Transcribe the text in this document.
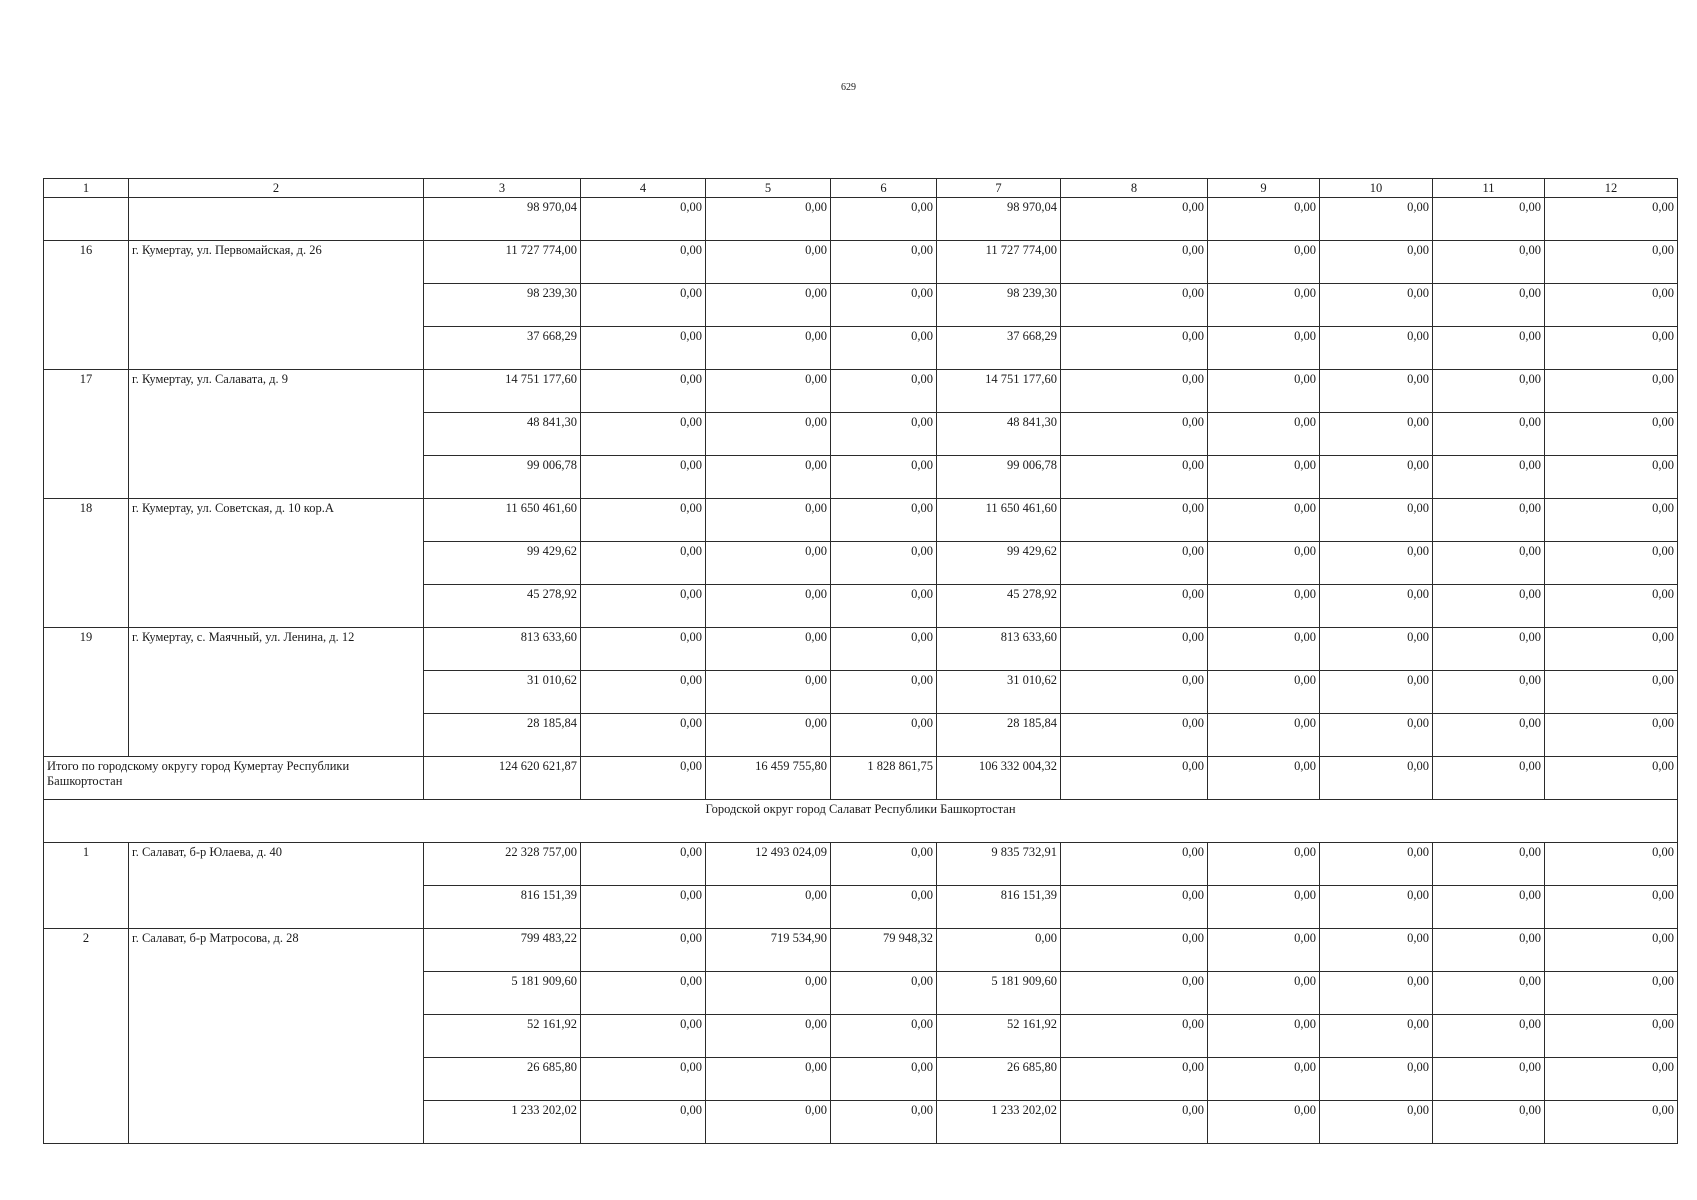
629
1	2	3	4	5	6	7	8	9	10	11	12
		98 970,04	0,00	0,00	0,00	98 970,04	0,00	0,00	0,00	0,00	0,00
16	г. Кумертау, ул. Первомайская, д. 26	11 727 774,00	0,00	0,00	0,00	11 727 774,00	0,00	0,00	0,00	0,00	0,00
		98 239,30	0,00	0,00	0,00	98 239,30	0,00	0,00	0,00	0,00	0,00
		37 668,29	0,00	0,00	0,00	37 668,29	0,00	0,00	0,00	0,00	0,00
17	г. Кумертау, ул. Салавата, д. 9	14 751 177,60	0,00	0,00	0,00	14 751 177,60	0,00	0,00	0,00	0,00	0,00
		48 841,30	0,00	0,00	0,00	48 841,30	0,00	0,00	0,00	0,00	0,00
		99 006,78	0,00	0,00	0,00	99 006,78	0,00	0,00	0,00	0,00	0,00
18	г. Кумертау, ул. Советская, д. 10 кор.А	11 650 461,60	0,00	0,00	0,00	11 650 461,60	0,00	0,00	0,00	0,00	0,00
		99 429,62	0,00	0,00	0,00	99 429,62	0,00	0,00	0,00	0,00	0,00
		45 278,92	0,00	0,00	0,00	45 278,92	0,00	0,00	0,00	0,00	0,00
19	г. Кумертау, с. Маячный, ул. Ленина, д. 12	813 633,60	0,00	0,00	0,00	813 633,60	0,00	0,00	0,00	0,00	0,00
		31 010,62	0,00	0,00	0,00	31 010,62	0,00	0,00	0,00	0,00	0,00
		28 185,84	0,00	0,00	0,00	28 185,84	0,00	0,00	0,00	0,00	0,00
Итого по городскому округу город Кумертау Республики Башкортостан		124 620 621,87	0,00	16 459 755,80	1 828 861,75	106 332 004,32	0,00	0,00	0,00	0,00	0,00
Городской округ город Салават Республики Башкортостан											
1	г. Салават, б-р Юлаева, д. 40	22 328 757,00	0,00	12 493 024,09	0,00	9 835 732,91	0,00	0,00	0,00	0,00	0,00
		816 151,39	0,00	0,00	0,00	816 151,39	0,00	0,00	0,00	0,00	0,00
2	г. Салават, б-р Матросова, д. 28	799 483,22	0,00	719 534,90	79 948,32	0,00	0,00	0,00	0,00	0,00	0,00
		5 181 909,60	0,00	0,00	0,00	5 181 909,60	0,00	0,00	0,00	0,00	0,00
		52 161,92	0,00	0,00	0,00	52 161,92	0,00	0,00	0,00	0,00	0,00
		26 685,80	0,00	0,00	0,00	26 685,80	0,00	0,00	0,00	0,00	0,00
		1 233 202,02	0,00	0,00	0,00	1 233 202,02	0,00	0,00	0,00	0,00	0,00
